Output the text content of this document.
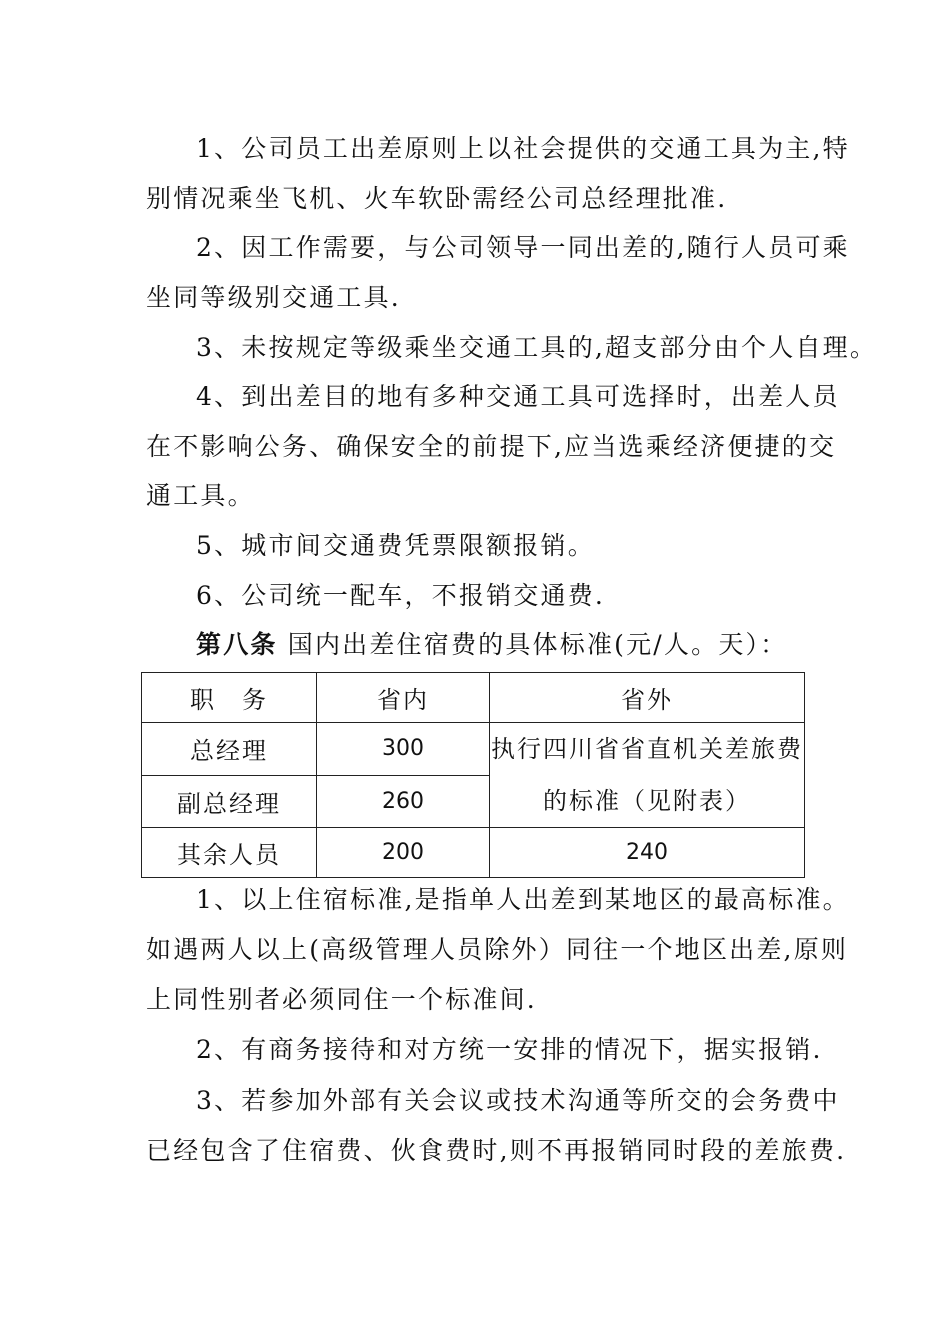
1、公司员工出差原则上以社会提供的交通工具为主,特
别情况乘坐飞机、火车软卧需经公司总经理批准.
2、因工作需要，与公司领导一同出差的,随行人员可乘
坐同等级别交通工具.
3、未按规定等级乘坐交通工具的,超支部分由个人自理。
4、到出差目的地有多种交通工具可选择时，出差人员
在不影响公务、确保安全的前提下,应当选乘经济便捷的交
通工具。
5、城市间交通费凭票限额报销。
6、公司统一配车，不报销交通费.
第八条 国内出差住宿费的具体标准(元/人。天）：
职　务	省内	省外
总经理	300	执行四川省省直机关差旅费
的标准（见附表）

副总经理	260	
其余人员	200	240
1、以上住宿标准,是指单人出差到某地区的最高标准。
如遇两人以上(高级管理人员除外）同往一个地区出差,原则
上同性别者必须同住一个标准间.
2、有商务接待和对方统一安排的情况下，据实报销.
3、若参加外部有关会议或技术沟通等所交的会务费中
已经包含了住宿费、伙食费时,则不再报销同时段的差旅费.
